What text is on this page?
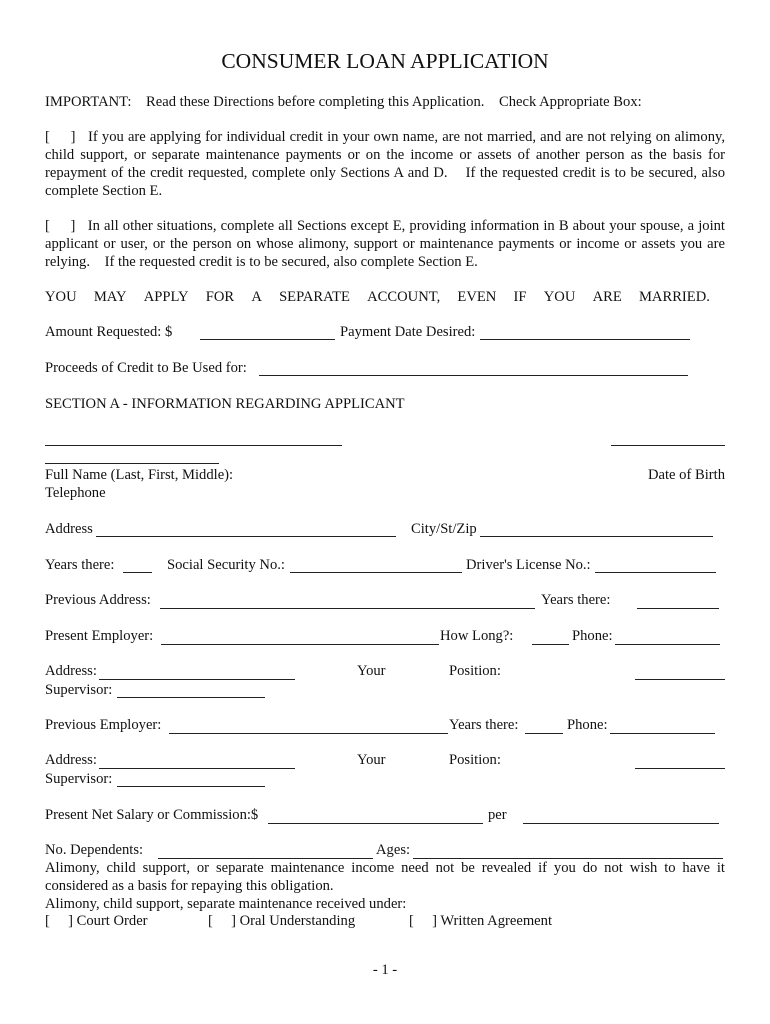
CONSUMER LOAN APPLICATION
IMPORTANT:    Read these Directions before completing this Application.    Check Appropriate Box:
[     ]   If you are applying for individual credit in your own name, are not married, and are not relying on alimony, child support, or separate maintenance payments or on the income or assets of another person as the basis for repayment of the credit requested, complete only Sections A and D.    If the requested credit is to be secured, also complete Section E.
[     ]   In all other situations, complete all Sections except E, providing information in B about your spouse, a joint applicant or user, or the person on whose alimony, support or maintenance payments or income or assets you are relying.    If the requested credit is to be secured, also complete Section E.
YOU MAY APPLY FOR A SEPARATE ACCOUNT, EVEN IF YOU ARE MARRIED.
Amount Requested: $	Payment Date Desired:
Proceeds of Credit to Be Used for:
SECTION A - INFORMATION REGARDING APPLICANT
Full Name (Last, First, Middle):	Date of Birth
Telephone
Address	City/St/Zip
Years there:	Social Security No.:	Driver's License No.:
Previous Address:	Years there:
Present Employer:	How Long?:	Phone:
Address:	Your	Position:
Supervisor:
Previous Employer:	Years there:	Phone:
Address:	Your	Position:
Supervisor:
Present Net Salary or Commission:$	per
No. Dependents:	Ages:
Alimony, child support, or separate maintenance income need not be revealed if you do not wish to have it considered as a basis for repaying this obligation.
Alimony, child support, separate maintenance received under:
[     ] Court Order	[     ] Oral Understanding	[     ] Written Agreement
- 1 -
